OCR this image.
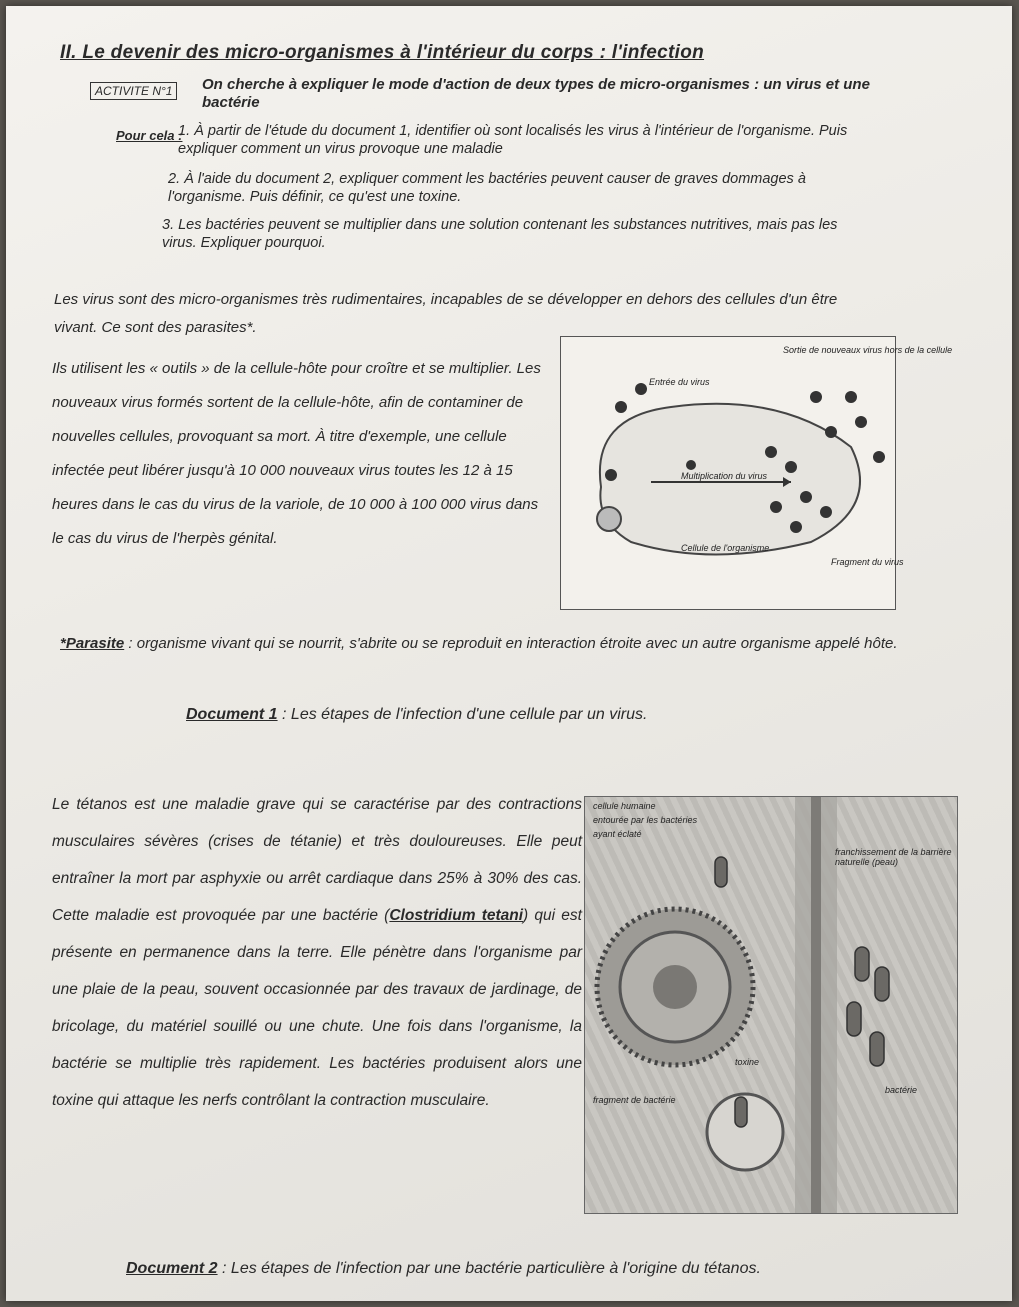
II. Le devenir des micro-organismes à l'intérieur du corps : l'infection
ACTIVITE N°1	On cherche à expliquer le mode d'action de deux types de micro-organismes : un virus et une bactérie
Pour cela :
1. À partir de l'étude du document 1, identifier où sont localisés les virus à l'intérieur de l'organisme. Puis expliquer comment un virus provoque une maladie
2. À l'aide du document 2, expliquer comment les bactéries peuvent causer de graves dommages à l'organisme. Puis définir, ce qu'est une toxine.
3. Les bactéries peuvent se multiplier dans une solution contenant les substances nutritives, mais pas les virus. Expliquer pourquoi.
Les virus sont des micro-organismes très rudimentaires, incapables de se développer en dehors des cellules d'un être vivant. Ce sont des parasites*.
Ils utilisent les « outils » de la cellule-hôte pour croître et se multiplier. Les nouveaux virus formés sortent de la cellule-hôte, afin de contaminer de nouvelles cellules, provoquant sa mort. À titre d'exemple, une cellule infectée peut libérer jusqu'à 10 000 nouveaux virus toutes les 12 à 15 heures dans le cas du virus de la variole, de 10 000 à 100 000 virus dans le cas du virus de l'herpès génital.
Sortie de nouveaux virus hors de la cellule
Entrée du virus
Multiplication du virus
Cellule de l'organisme
Fragment du virus
*Parasite : organisme vivant qui se nourrit, s'abrite ou se reproduit en interaction étroite avec un autre organisme appelé hôte.
Document 1 : Les étapes de l'infection d'une cellule par un virus.
Le tétanos est une maladie grave qui se caractérise par des contractions musculaires sévères (crises de tétanie) et très douloureuses. Elle peut entraîner la mort par asphyxie ou arrêt cardiaque dans 25% à 30% des cas. Cette maladie est provoquée par une bactérie (Clostridium tetani) qui est présente en permanence dans la terre. Elle pénètre dans l'organisme par une plaie de la peau, souvent occasionnée par des travaux de jardinage, de bricolage, du matériel souillé ou une chute. Une fois dans l'organisme, la bactérie se multiplie très rapidement. Les bactéries produisent alors une toxine qui attaque les nerfs contrôlant la contraction musculaire.
cellule humaine
entourée par les bactéries
ayant éclaté
franchissement de la barrière naturelle (peau)
bactérie
toxine
fragment de bactérie
Document 2 : Les étapes de l'infection par une bactérie particulière à l'origine du tétanos.
